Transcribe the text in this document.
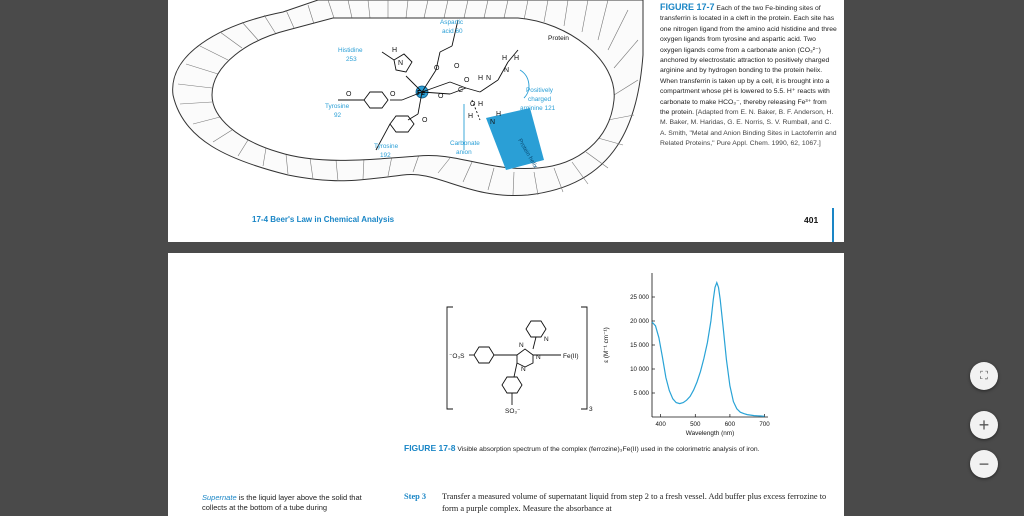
Protein helix
Fe
N
H
O O
O
O
O
C
O
O H
H
N
N
H H
H
N
H
O
Aspartic
acid 60
Histidine
253
Tyrosine
92
Tyrosine
192
Carbonate
anion
Positively
charged
arginine 121
Protein
FIGURE 17-7 Each of the two Fe-binding sites of transferrin is located in a cleft in the protein. Each site has one nitrogen ligand from the amino acid histidine and three oxygen ligands from tyrosine and aspartic acid. Two oxygen ligands come from a carbonate anion (CO₃²⁻) anchored by electrostatic attraction to positively charged arginine and by hydrogen bonding to the protein helix. When transferrin is taken up by a cell, it is brought into a compartment whose pH is lowered to 5.5. H⁺ reacts with carbonate to make HCO₃⁻, thereby releasing Fe³⁺ from the protein. [Adapted from E. N. Baker, B. F. Anderson, H. M. Baker, M. Haridas, G. E. Norris, S. V. Rumball, and C. A. Smith, "Metal and Anion Binding Sites in Lactoferrin and Related Proteins," Pure Appl. Chem. 1990, 62, 1067.]
17-4 Beer's Law in Chemical Analysis	401
⁻O₃S	Fe(II)
N
N
N
N
SO₃⁻	3
400	500	600	700
5 000
10 000
15 000
20 000
25 000
Wavelength (nm)
ε (M⁻¹ cm⁻¹)
FIGURE 17-8 Visible absorption spectrum of the complex (ferrozine)₃Fe(II) used in the colorimetric analysis of iron.
Supernate is the liquid layer above the solid that collects at the bottom of a tube during
Step 3 Transfer a measured volume of supernatant liquid from step 2 to a fresh vessel. Add buffer plus excess ferrozine to form a purple complex. Measure the absorbance at
⛶
+
−
